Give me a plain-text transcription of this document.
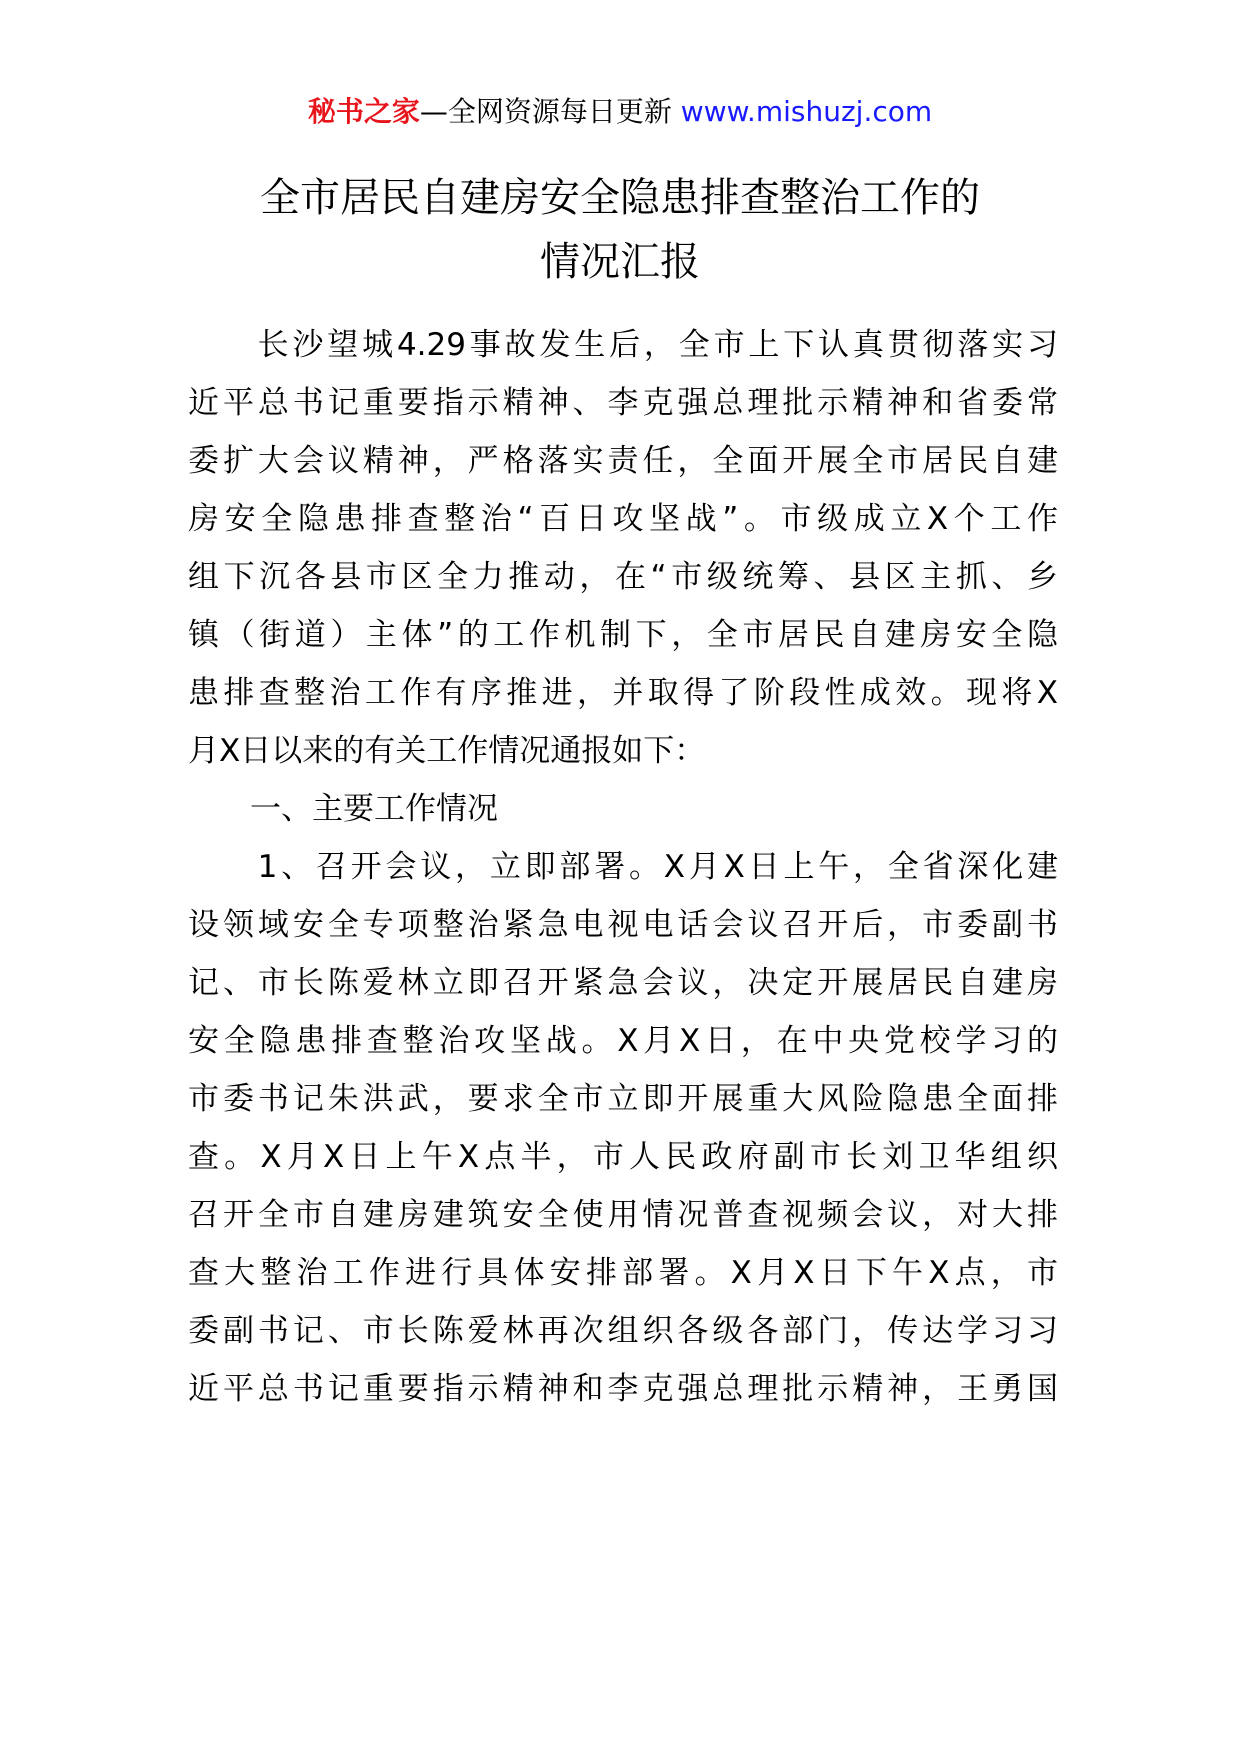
秘书之家—全网资源每日更新 www.mishuzj.com
全市居民自建房安全隐患排查整治工作的
情况汇报
　　长沙望城4.29事故发生后，全市上下认真贯彻落实习
近平总书记重要指示精神、李克强总理批示精神和省委常
委扩大会议精神，严格落实责任，全面开展全市居民自建
房安全隐患排查整治“百日攻坚战”。市级成立X个工作
组下沉各县市区全力推动，在“市级统筹、县区主抓、乡
镇（街道）主体”的工作机制下，全市居民自建房安全隐
患排查整治工作有序推进，并取得了阶段性成效。现将X
月X日以来的有关工作情况通报如下：
　　一、主要工作情况
　　1、召开会议，立即部署。X月X日上午，全省深化建
设领域安全专项整治紧急电视电话会议召开后，市委副书
记、市长陈爱林立即召开紧急会议，决定开展居民自建房
安全隐患排查整治攻坚战。X月X日，在中央党校学习的
市委书记朱洪武，要求全市立即开展重大风险隐患全面排
查。X月X日上午X点半，市人民政府副市长刘卫华组织
召开全市自建房建筑安全使用情况普查视频会议，对大排
查大整治工作进行具体安排部署。X月X日下午X点，市
委副书记、市长陈爱林再次组织各级各部门，传达学习习
近平总书记重要指示精神和李克强总理批示精神，王勇国
